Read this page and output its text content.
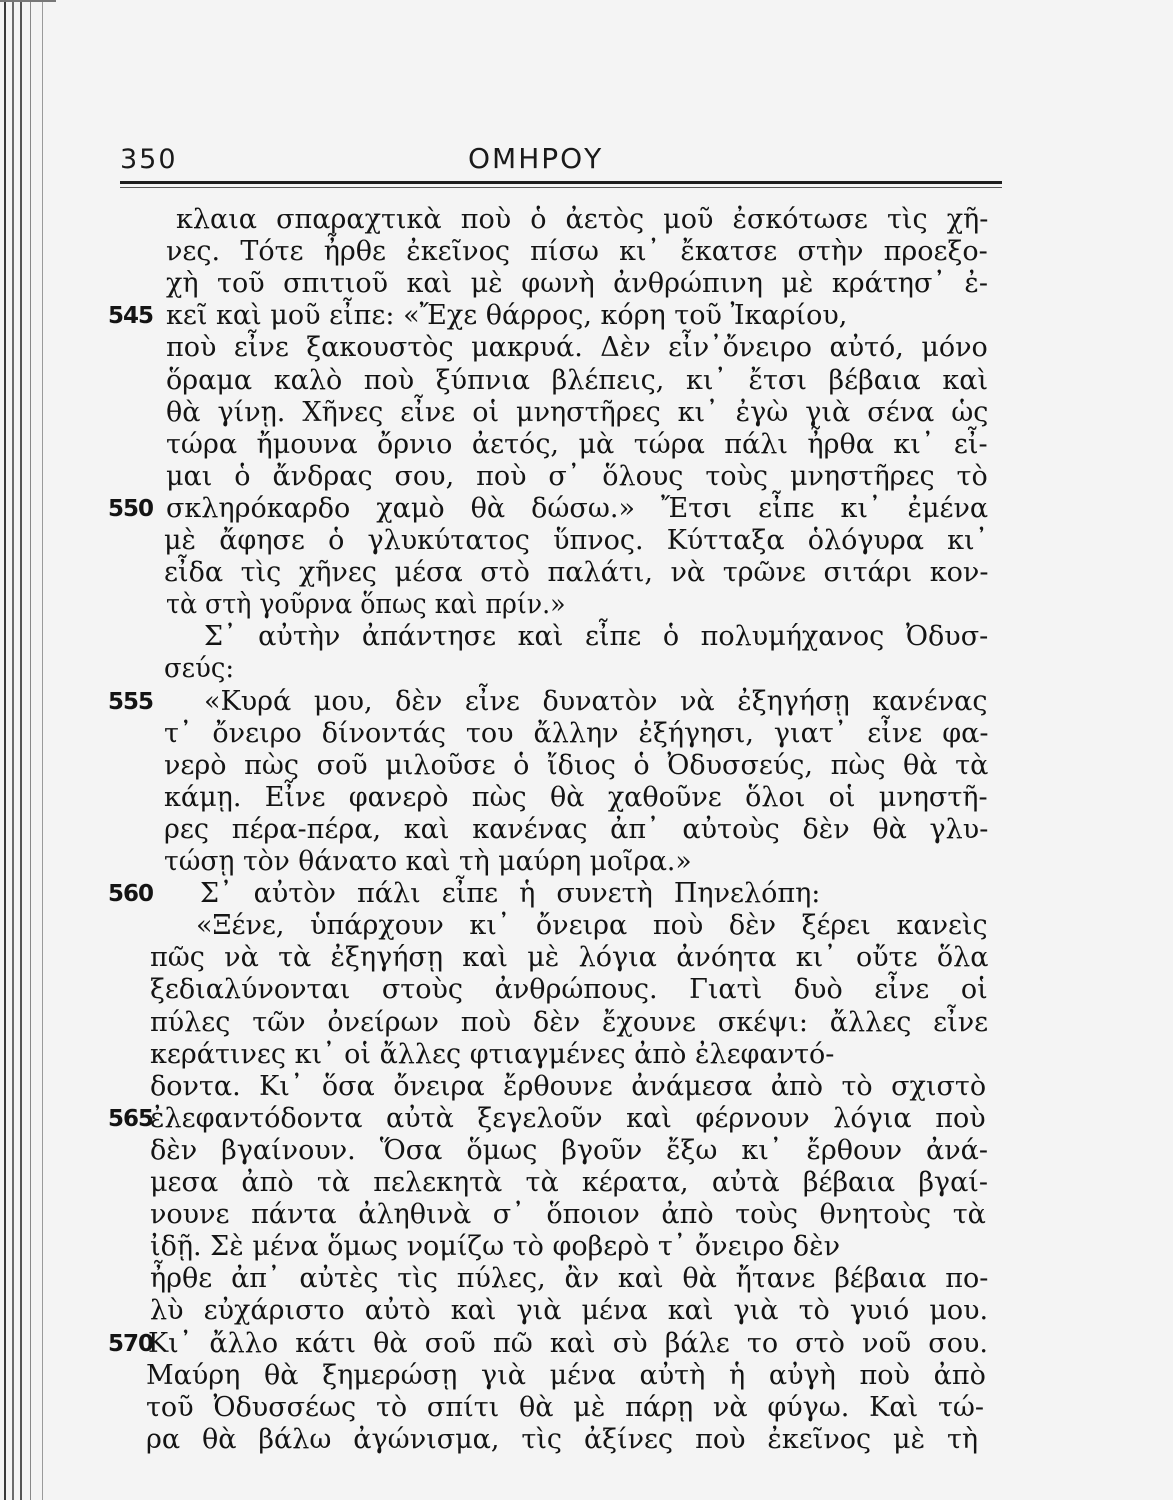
350	ΟΜΗΡΟΥ
κλαια σπαραχτικὰ ποὺ ὁ ἀετὸς μοῦ ἐσκότωσε τὶς χῆ-
νες. Τότε ἦρθε ἐκεῖνος πίσω κι᾽ ἔκατσε στὴν προεξο-
χὴ τοῦ σπιτιοῦ καὶ μὲ φωνὴ ἀνθρώπινη μὲ κράτησ᾽ ἐ-
κεῖ καὶ μοῦ εἶπε: «Ἔχε θάρρος, κόρη τοῦ Ἰκαρίου,
545
ποὺ εἶνε ξακουστὸς μακρυά. Δὲν εἶν᾽ὄνειρο αὐτό, μόνο
ὅραμα καλὸ ποὺ ξύπνια βλέπεις, κι᾽ ἔτσι βέβαια καὶ
θὰ γίνῃ. Χῆνες εἶνε οἱ μνηστῆρες κι᾽ ἐγὼ γιὰ σένα ὡς
τώρα ἤμουνα ὄρνιο ἀετός, μὰ τώρα πάλι ἦρθα κι᾽ εἶ-
μαι ὁ ἄνδρας σου, ποὺ σ᾽ ὅλους τοὺς μνηστῆρες τὸ
σκληρόκαρδο χαμὸ θὰ δώσω.» Ἔτσι εἶπε κι᾽ ἐμένα
550
μὲ ἄφησε ὁ γλυκύτατος ὕπνος. Κύτταξα ὁλόγυρα κι᾽
εἶδα τὶς χῆνες μέσα στὸ παλάτι, νὰ τρῶνε σιτάρι κον-
τὰ στὴ γοῦρνα ὅπως καὶ πρίν.»
Σ᾽ αὐτὴν ἀπάντησε καὶ εἶπε ὁ πολυμήχανος Ὀδυσ-
σεύς:
«Κυρά μου, δὲν εἶνε δυνατὸν νὰ ἐξηγήσῃ κανένας
555
τ᾽ ὄνειρο δίνοντάς του ἄλλην ἐξήγησι, γιατ᾽ εἶνε φα-
νερὸ πὼς σοῦ μιλοῦσε ὁ ἴδιος ὁ Ὀδυσσεύς, πὼς θὰ τὰ
κάμῃ. Εἶνε φανερὸ πὼς θὰ χαθοῦνε ὅλοι οἱ μνηστῆ-
ρες πέρα-πέρα, καὶ κανένας ἀπ᾽ αὐτοὺς δὲν θὰ γλυ-
τώσῃ τὸν θάνατο καὶ τὴ μαύρη μοῖρα.»
Σ᾽ αὐτὸν πάλι εἶπε ἡ συνετὴ Πηνελόπη:
560
«Ξένε, ὑπάρχουν κι᾽ ὄνειρα ποὺ δὲν ξέρει κανεὶς
πῶς νὰ τὰ ἐξηγήσῃ καὶ μὲ λόγια ἀνόητα κι᾽ οὔτε ὅλα
ξεδιαλύνονται στοὺς ἀνθρώπους. Γιατὶ δυὸ εἶνε οἱ
πύλες τῶν ὀνείρων ποὺ δὲν ἔχουνε σκέψι: ἄλλες εἶνε
κεράτινες κι᾽ οἱ ἄλλες φτιαγμένες ἀπὸ ἐλεφαντό-
δοντα. Κι᾽ ὅσα ὄνειρα ἔρθουνε ἀνάμεσα ἀπὸ τὸ σχιστὸ
ἐλεφαντόδοντα αὐτὰ ξεγελοῦν καὶ φέρνουν λόγια ποὺ
565
δὲν βγαίνουν. Ὅσα ὅμως βγοῦν ἔξω κι᾽ ἔρθουν ἀνά-
μεσα ἀπὸ τὰ πελεκητὰ τὰ κέρατα, αὐτὰ βέβαια βγαί-
νουνε πάντα ἀληθινὰ σ᾽ ὅποιον ἀπὸ τοὺς θνητοὺς τὰ
ἰδῇ. Σὲ μένα ὅμως νομίζω τὸ φοβερὸ τ᾽ ὄνειρο δὲν
ἦρθε ἀπ᾽ αὐτὲς τὶς πύλες, ἂν καὶ θὰ ἤτανε βέβαια πο-
λὺ εὐχάριστο αὐτὸ καὶ γιὰ μένα καὶ γιὰ τὸ γυιό μου.
Κι᾽ ἄλλο κάτι θὰ σοῦ πῶ καὶ σὺ βάλε το στὸ νοῦ σου.
570
Μαύρη θὰ ξημερώσῃ γιὰ μένα αὐτὴ ἡ αὐγὴ ποὺ ἀπὸ
τοῦ Ὀδυσσέως τὸ σπίτι θὰ μὲ πάρῃ νὰ φύγω. Καὶ τώ-
ρα θὰ βάλω ἀγώνισμα, τὶς ἀξίνες ποὺ ἐκεῖνος μὲ τὴ
